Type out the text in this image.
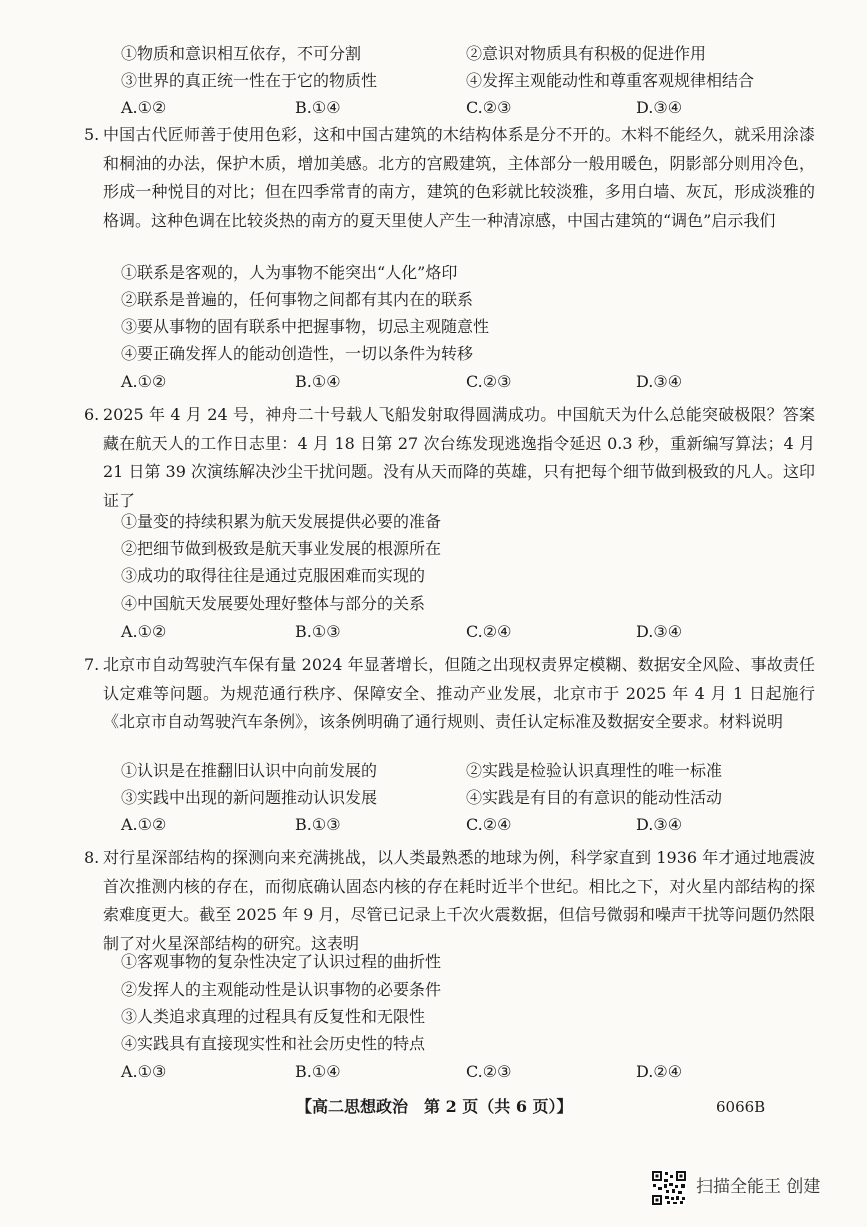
①物质和意识相互依存，不可分割	②意识对物质具有积极的促进作用
③世界的真正统一性在于它的物质性	④发挥主观能动性和尊重客观规律相结合
A.①②	B.①④	C.②③	D.③④
5. 中国古代匠师善于使用色彩，这和中国古建筑的木结构体系是分不开的。木料不能经久，就采用涂漆和桐油的办法，保护木质，增加美感。北方的宫殿建筑，主体部分一般用暖色，阴影部分则用冷色，形成一种悦目的对比；但在四季常青的南方，建筑的色彩就比较淡雅，多用白墙、灰瓦，形成淡雅的格调。这种色调在比较炎热的南方的夏天里使人产生一种清凉感，中国古建筑的“调色”启示我们
①联系是客观的，人为事物不能突出“人化”烙印
②联系是普遍的，任何事物之间都有其内在的联系
③要从事物的固有联系中把握事物，切忌主观随意性
④要正确发挥人的能动创造性，一切以条件为转移
A.①②	B.①④	C.②③	D.③④
6. 2025 年 4 月 24 号，神舟二十号载人飞船发射取得圆满成功。中国航天为什么总能突破极限？答案藏在航天人的工作日志里：4 月 18 日第 27 次台练发现逃逸指令延迟 0.3 秒，重新编写算法；4 月 21 日第 39 次演练解决沙尘干扰问题。没有从天而降的英雄，只有把每个细节做到极致的凡人。这印证了
①量变的持续积累为航天发展提供必要的准备
②把细节做到极致是航天事业发展的根源所在
③成功的取得往往是通过克服困难而实现的
④中国航天发展要处理好整体与部分的关系
A.①②	B.①③	C.②④	D.③④
7. 北京市自动驾驶汽车保有量 2024 年显著增长，但随之出现权责界定模糊、数据安全风险、事故责任认定难等问题。为规范通行秩序、保障安全、推动产业发展，北京市于 2025 年 4 月 1 日起施行《北京市自动驾驶汽车条例》，该条例明确了通行规则、责任认定标准及数据安全要求。材料说明
①认识是在推翻旧认识中向前发展的	②实践是检验认识真理性的唯一标准
③实践中出现的新问题推动认识发展	④实践是有目的有意识的能动性活动
A.①②	B.①③	C.②④	D.③④
8. 对行星深部结构的探测向来充满挑战，以人类最熟悉的地球为例，科学家直到 1936 年才通过地震波首次推测内核的存在，而彻底确认固态内核的存在耗时近半个世纪。相比之下，对火星内部结构的探索难度更大。截至 2025 年 9 月，尽管已记录上千次火震数据，但信号微弱和噪声干扰等问题仍然限制了对火星深部结构的研究。这表明
①客观事物的复杂性决定了认识过程的曲折性
②发挥人的主观能动性是认识事物的必要条件
③人类追求真理的过程具有反复性和无限性
④实践具有直接现实性和社会历史性的特点
A.①③	B.①④	C.②③	D.②④
【高二思想政治　第 2 页（共 6 页）】	6066B
扫描全能王 创建
